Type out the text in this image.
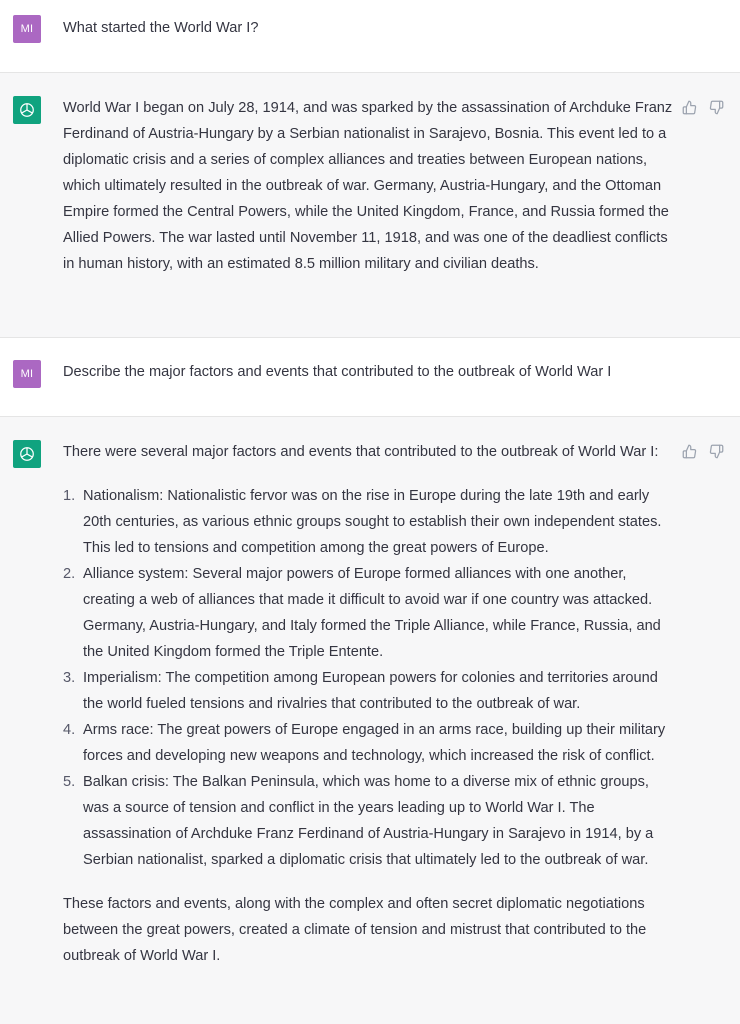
MI What started the World War I?

World War I began on July 28, 1914, and was sparked by the assassination of Archduke Franz Ferdinand of Austria-Hungary by a Serbian nationalist in Sarajevo, Bosnia. This event led to a diplomatic crisis and a series of complex alliances and treaties between European nations, which ultimately resulted in the outbreak of war. Germany, Austria-Hungary, and the Ottoman Empire formed the Central Powers, while the United Kingdom, France, and Russia formed the Allied Powers. The war lasted until November 11, 1918, and was one of the deadliest conflicts in human history, with an estimated 8.5 million military and civilian deaths.

MI Describe the major factors and events that contributed to the outbreak of World War I

There were several major factors and events that contributed to the outbreak of World War I:

1. Nationalism: Nationalistic fervor was on the rise in Europe during the late 19th and early 20th centuries, as various ethnic groups sought to establish their own independent states. This led to tensions and competition among the great powers of Europe.
2. Alliance system: Several major powers of Europe formed alliances with one another, creating a web of alliances that made it difficult to avoid war if one country was attacked. Germany, Austria-Hungary, and Italy formed the Triple Alliance, while France, Russia, and the United Kingdom formed the Triple Entente.
3. Imperialism: The competition among European powers for colonies and territories around the world fueled tensions and rivalries that contributed to the outbreak of war.
4. Arms race: The great powers of Europe engaged in an arms race, building up their military forces and developing new weapons and technology, which increased the risk of conflict.
5. Balkan crisis: The Balkan Peninsula, which was home to a diverse mix of ethnic groups, was a source of tension and conflict in the years leading up to World War I. The assassination of Archduke Franz Ferdinand of Austria-Hungary in Sarajevo in 1914, by a Serbian nationalist, sparked a diplomatic crisis that ultimately led to the outbreak of war.

These factors and events, along with the complex and often secret diplomatic negotiations between the great powers, created a climate of tension and mistrust that contributed to the outbreak of World War I.
